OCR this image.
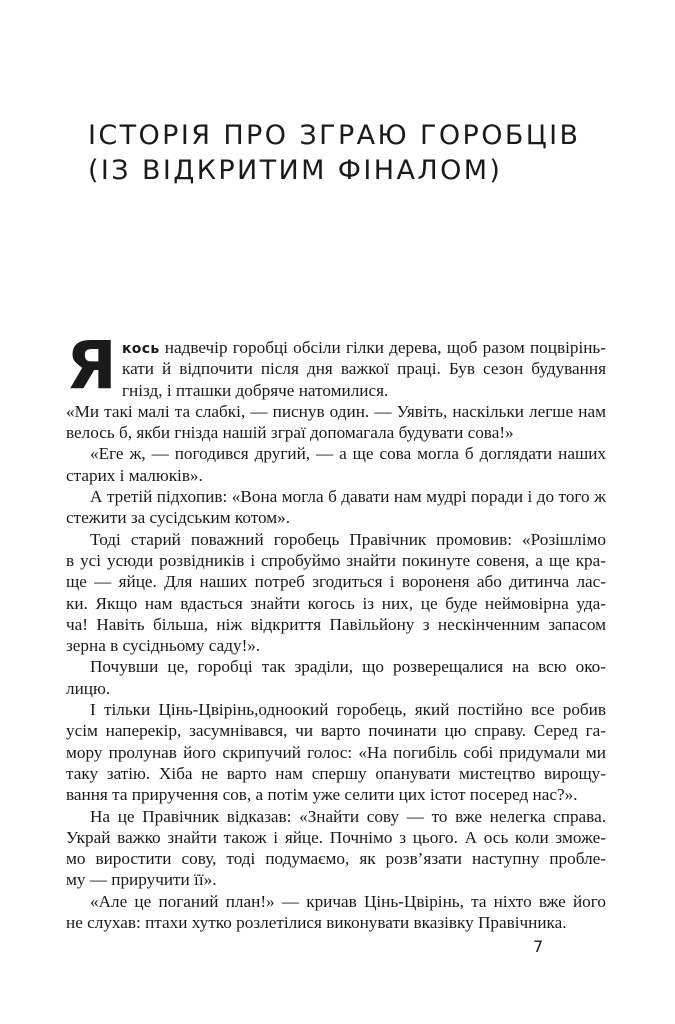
ІСТОРІЯ ПРО ЗГРАЮ ГОРОБЦІВ
(ІЗ ВІДКРИТИМ ФІНАЛОМ)
Я кось надвечір горобці обсіли гілки дерева, щоб разом поцвірінь-
кати й відпочити після дня важкої праці. Був сезон будування
гнізд, і пташки добряче натомилися.
«Ми такі малі та слабкі, — писнув один. — Уявіть, наскільки легше нам
велось б, якби гніздa нашій зграї допомагала будувати сова!»
«Еге ж, — погодився другий, — а ще сова могла б доглядати наших
старих і малюків».
А третій підхопив: «Вона могла б давати нам мудрі поради і до того ж
стежити за сусідським котом».
Тоді старий поважний горобець Правічник промовив: «Розішлімо
в усі усюди розвідників і спробуймо знайти покинуте совеня, а ще кра-
ще — яйце. Для наших потреб згодиться і вороненя або дитинча лас-
ки. Якщо нам вдасться знайти когось із них, це буде неймовірна уда-
ча! Навіть більша, ніж відкриття Павільйону з нескінченним запасом
зерна в сусідньому саду!».
Почувши це, горобці так зраділи, що розверещалися на всю око-
лицю.
І тільки Цінь-Цвірінь,одноокий горобець, який постійно все робив
усім наперекір, засумнівався, чи варто починати цю справу. Серед га-
мору пролунав його скрипучий голос: «На погибіль собі придумали ми
таку затію. Хіба не варто нам спершу опанувати мистецтво вирощу-
вання та приручення сов, а потім уже селити цих істот посеред нас?».
На це Правічник відказав: «Знайти сову — то вже нелегка справа.
Украй важко знайти також і яйце. Почнімо з цього. А ось коли зможе-
мо виростити сову, тоді подумаємо, як розв’язати наступну пробле-
му — приручити її».
«Але це поганий план!» — кричав Цінь-Цвірінь, та ніхто вже його
не слухав: птахи хутко розлетілися виконувати вказівку Правічника.
7
